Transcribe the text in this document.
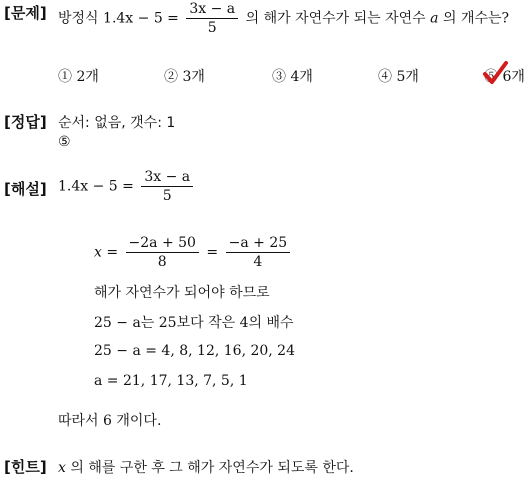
[문제] 방정식 $1.4x - 5 = \frac{3x - a}{5}$ 의 해가 자연수가 되는 자연수 a 의 개수는?
① 2개	② 3개	③ 4개	④ 5개	⑤ 6개
[정답] 순서: 없음, 갯수: 1
⑤
[해설] $1.4x - 5 = \frac{3x - a}{5}$
$x = \frac{-2a + 50}{8} = \frac{-a + 25}{4}$
해가 자연수가 되어야 하므로
25 − a는 25보다 작은 4의 배수
25 − a = 4, 8, 12, 16, 20, 24
a = 21, 17, 13, 7, 5, 1
따라서 6 개이다.
[힌트] x 의 해를 구한 후 그 해가 자연수가 되도록 한다.
